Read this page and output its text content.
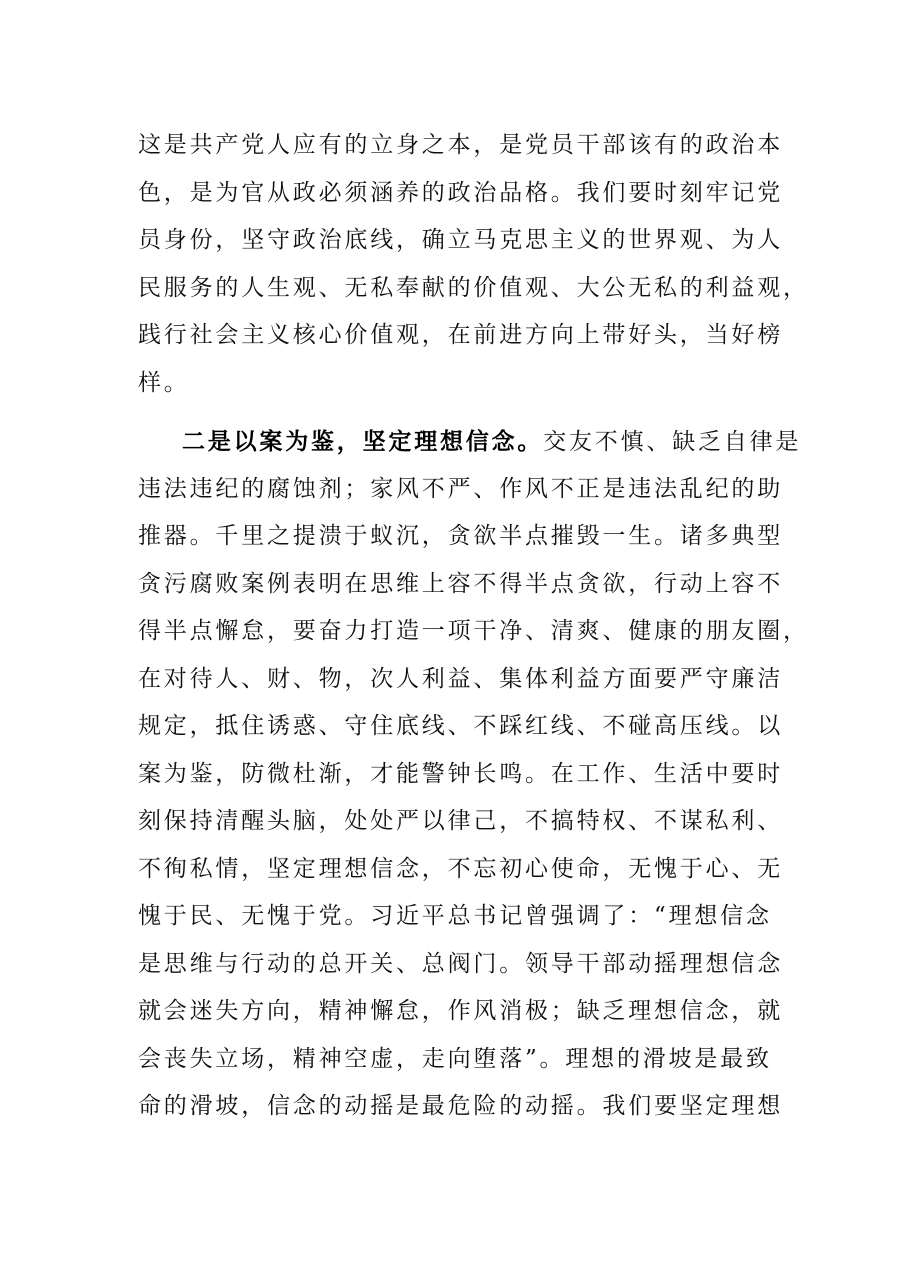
这是共产党人应有的立身之本，是党员干部该有的政治本
色，是为官从政必须涵养的政治品格。我们要时刻牢记党
员身份，坚守政治底线，确立马克思主义的世界观、为人
民服务的人生观、无私奉献的价值观、大公无私的利益观，
践行社会主义核心价值观，在前进方向上带好头，当好榜
样。
二是以案为鉴，坚定理想信念。交友不慎、缺乏自律是
违法违纪的腐蚀剂；家风不严、作风不正是违法乱纪的助
推器。千里之提溃于蚁沉，贪欲半点摧毁一生。诸多典型
贪污腐败案例表明在思维上容不得半点贪欲，行动上容不
得半点懈怠，要奋力打造一项干净、清爽、健康的朋友圈，
在对待人、财、物，次人利益、集体利益方面要严守廉洁
规定，抵住诱惑、守住底线、不踩红线、不碰高压线。以
案为鉴，防微杜渐，才能警钟长鸣。在工作、生活中要时
刻保持清醒头脑，处处严以律己，不搞特权、不谋私利、
不徇私情，坚定理想信念，不忘初心使命，无愧于心、无
愧于民、无愧于党。习近平总书记曾强调了：“理想信念
是思维与行动的总开关、总阀门。领导干部动摇理想信念
就会迷失方向，精神懈怠，作风消极；缺乏理想信念，就
会丧失立场，精神空虚，走向堕落”。理想的滑坡是最致
命的滑坡，信念的动摇是最危险的动摇。我们要坚定理想
